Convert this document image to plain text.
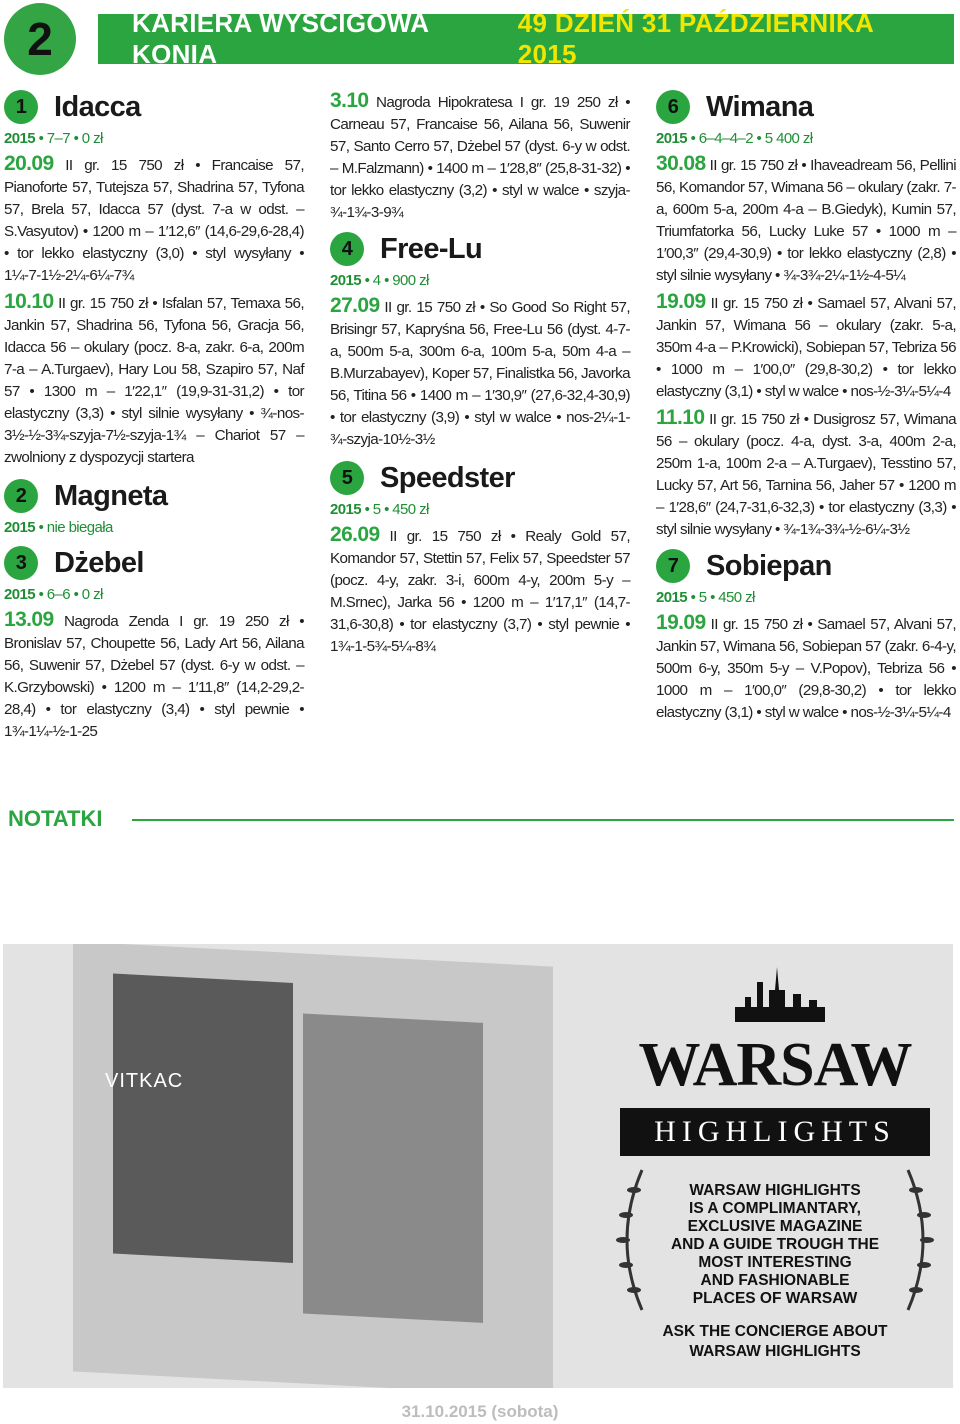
2	KARIERA WYŚCIGOWA KONIA
49 DZIEŃ 31 PAŹDZIERNIKA 2015
1 Idacca
2015 • 7–7 • 0 zł
20.09 II gr. 15 750 zł • Francaise 57, Pianoforte 57, Tutejsza 57, Shadrina 57, Tyfona 57, Brela 57, Idacca 57 (dyst. 7-a w odst. – S.Vasyutov) • 1200 m – 1′12,6″ (14,6-29,6-28,4) • tor lekko elastyczny (3,0) • styl wysyłany • 1¼-7-1½-2¼-6¼-7¾
10.10 II gr. 15 750 zł • Isfalan 57, Temaxa 56, Jankin 57, Shadrina 56, Tyfona 56, Gracja 56, Idacca 56 – okulary (pocz. 8-a, zakr. 6-a, 200m 7-a – A.Turgaev), Hary Lou 58, Szapiro 57, Naf 57 • 1300 m – 1′22,1″ (19,9-31-31,2) • tor elastyczny (3,3) • styl silnie wysyłany • ¾-nos-3½-½-3¾-szyja-7½-szyja-1¾ – Chariot 57 – zwolniony z dyspozycji startera
2 Magneta
2015 • nie biegała
3 Dżebel
2015 • 6–6 • 0 zł
13.09 Nagroda Zenda I gr. 19 250 zł • Bronislav 57, Choupette 56, Lady Art 56, Ailana 56, Suwenir 57, Dżebel 57 (dyst. 6-y w odst. – K.Grzybowski) • 1200 m – 1′11,8″ (14,2-29,2-28,4) • tor elastyczny (3,4) • styl pewnie • 1¾-1¼-½-1-25
3.10 Nagroda Hipokratesa I gr. 19 250 zł • Carneau 57, Francaise 56, Ailana 56, Suwenir 57, Santo Cerro 57, Dżebel 57 (dyst. 6-y w odst. – M.Falzmann) • 1400 m – 1′28,8″ (25,8-31-32) • tor lekko elastyczny (3,2) • styl w walce • szyja-¾-1¾-3-9¾
4 Free-Lu
2015 • 4 • 900 zł
27.09 II gr. 15 750 zł • So Good So Right 57, Brisingr 57, Kapryśna 56, Free-Lu 56 (dyst. 4-7-a, 500m 5-a, 300m 6-a, 100m 5-a, 50m 4-a – B.Murzabayev), Koper 57, Finalistka 56, Javorka 56, Titina 56 • 1400 m – 1′30,9″ (27,6-32,4-30,9) • tor elastyczny (3,9) • styl w walce • nos-2¼-1-¾-szyja-10½-3½
5 Speedster
2015 • 5 • 450 zł
26.09 II gr. 15 750 zł • Realy Gold 57, Komandor 57, Stettin 57, Felix 57, Speedster 57 (pocz. 4-y, zakr. 3-i, 600m 4-y, 200m 5-y – M.Srnec), Jarka 56 • 1200 m – 1′17,1″ (14,7-31,6-30,8) • tor elastyczny (3,7) • styl pewnie • 1¾-1-5¾-5¼-8¾
6 Wimana
2015 • 6–4–4–2 • 5 400 zł
30.08 II gr. 15 750 zł • Ihaveadream 56, Pellini 56, Komandor 57, Wimana 56 – okulary (zakr. 7-a, 600m 5-a, 200m 4-a – B.Giedyk), Kumin 57, Triumfatorka 56, Lucky Luke 57 • 1000 m – 1′00,3″ (29,4-30,9) • tor lekko elastyczny (2,8) • styl silnie wysyłany • ¾-3¾-2¼-1½-4-5¼
19.09 II gr. 15 750 zł • Samael 57, Alvani 57, Jankin 57, Wimana 56 – okulary (zakr. 5-a, 350m 4-a – P.Krowicki), Sobiepan 57, Tebriza 56 • 1000 m – 1′00,0″ (29,8-30,2) • tor lekko elastyczny (3,1) • styl w walce • nos-½-3¼-5¼-4
11.10 II gr. 15 750 zł • Dusigrosz 57, Wimana 56 – okulary (pocz. 4-a, dyst. 3-a, 400m 2-a, 250m 1-a, 100m 2-a – A.Turgaev), Tesstino 57, Lucky 57, Art 56, Tarnina 56, Jaher 57 • 1200 m – 1′28,6″ (24,7-31,6-32,3) • tor elastyczny (3,3) • styl silnie wysyłany • ¾-1¾-3¾-½-6¼-3½
7 Sobiepan
2015 • 5 • 450 zł
19.09 II gr. 15 750 zł • Samael 57, Alvani 57, Jankin 57, Wimana 56, Sobiepan 57 (zakr. 6-4-y, 500m 6-y, 350m 5-y – V.Popov), Tebriza 56 • 1000 m – 1′00,0″ (29,8-30,2) • tor lekko elastyczny (3,1) • styl w walce • nos-½-3¼-5¼-4
NOTATKI
VITKAC	WARSAW
HIGHLIGHTS
WARSAW HIGHLIGHTS
IS A COMPLIMANTARY,
EXCLUSIVE MAGAZINE
AND A GUIDE TROUGH THE
MOST INTERESTING
AND FASHIONABLE
PLACES OF WARSAW
ASK THE CONCIERGE ABOUT
WARSAW HIGHLIGHTS
31.10.2015 (sobota)
